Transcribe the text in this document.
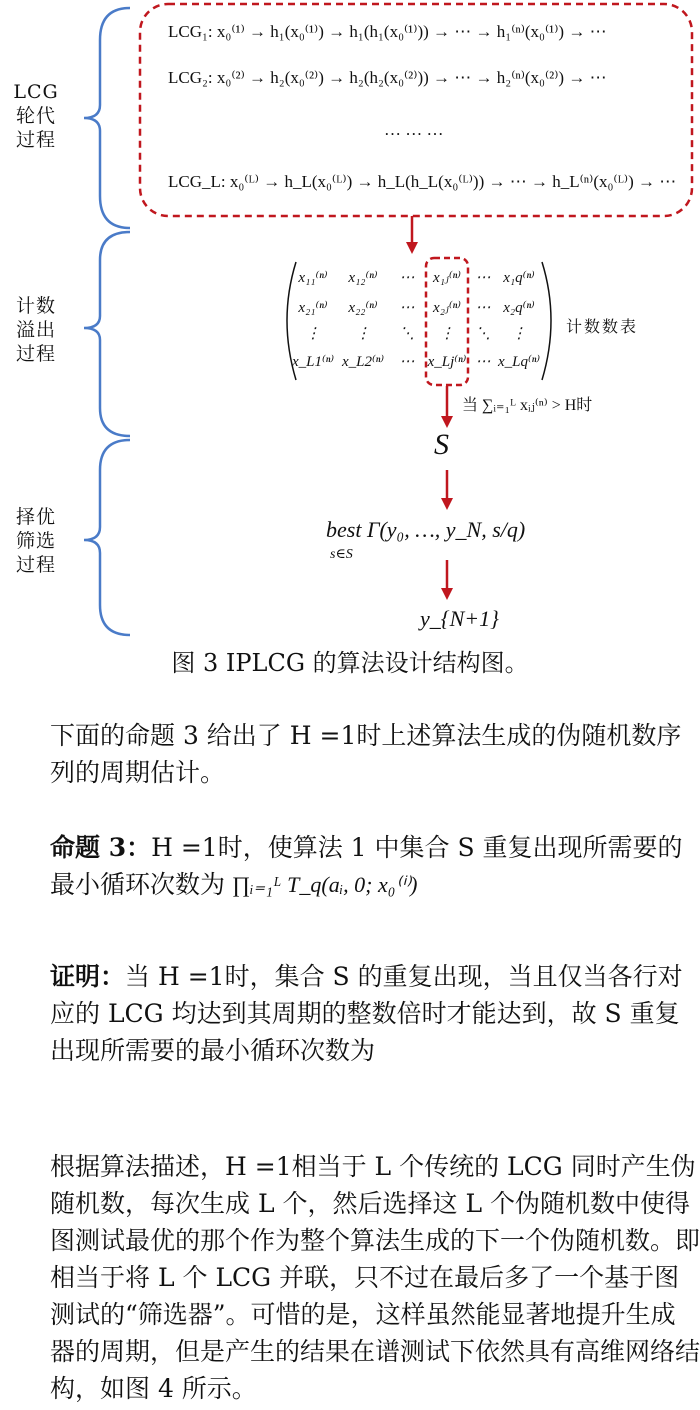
LCG
轮代
过程
计数
溢出
过程
择优
筛选
过程
LCG₁: x₀⁽¹⁾ → h₁(x₀⁽¹⁾) → h₁(h₁(x₀⁽¹⁾)) → ⋯ → h₁⁽ⁿ⁾(x₀⁽¹⁾) → ⋯
LCG₂: x₀⁽²⁾ → h₂(x₀⁽²⁾) → h₂(h₂(x₀⁽²⁾)) → ⋯ → h₂⁽ⁿ⁾(x₀⁽²⁾) → ⋯
… … …
LCG_L: x₀⁽ᴸ⁾ → h_L(x₀⁽ᴸ⁾) → h_L(h_L(x₀⁽ᴸ⁾)) → ⋯ → h_L⁽ⁿ⁾(x₀⁽ᴸ⁾) → ⋯
x₁₁⁽ⁿ⁾	x₁₂⁽ⁿ⁾	⋯	x₁ⱼ⁽ⁿ⁾ ⋯ x₁q⁽ⁿ⁾
x₂₁⁽ⁿ⁾	x₂₂⁽ⁿ⁾	⋯	x₂ⱼ⁽ⁿ⁾ ⋯ x₂q⁽ⁿ⁾
⋮	⋮	⋱	⋮	⋱	⋮
x_L1⁽ⁿ⁾ x_L2⁽ⁿ⁾	⋯ x_Lj⁽ⁿ⁾ ⋯ x_Lq⁽ⁿ⁾
计数数表
当 ∑ᵢ₌₁ᴸ xᵢⱼ⁽ⁿ⁾ > H时
S
best Γ(y₀, …, y_N, s/q)
s∈S
y_{N+1}
图 3 IPLCG 的算法设计结构图。
下面的命题 3 给出了 H =1时上述算法生成的伪随机数序列的周期估计。
命题 3：H =1时，使算法 1 中集合 S 重复出现所需要的最小循环次数为 ∏ᵢ₌₁ᴸ T_q(aᵢ, 0; x₀⁽ⁱ⁾)
证明：当 H =1时，集合 S 的重复出现，当且仅当各行对应的 LCG 均达到其周期的整数倍时才能达到，故 S 重复出现所需要的最小循环次数为
根据算法描述，H =1相当于 L 个传统的 LCG 同时产生伪随机数，每次生成 L 个，然后选择这 L 个伪随机数中使得图测试最优的那个作为整个算法生成的下一个伪随机数。即相当于将 L 个 LCG 并联，只不过在最后多了一个基于图测试的“筛选器”。可惜的是，这样虽然能显著地提升生成器的周期，但是产生的结果在谱测试下依然具有高维网络结构，如图 4 所示。
